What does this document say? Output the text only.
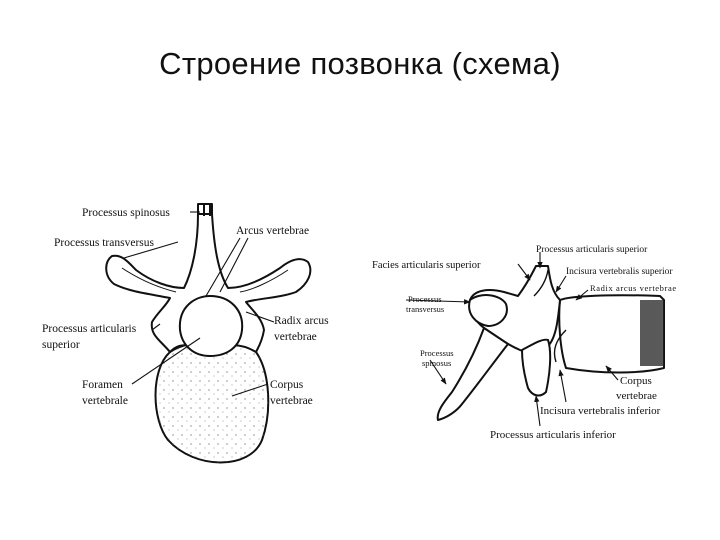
Строение позвонка (схема)
Processus spinosus
Processus transversus
Arcus vertebrae
Processus articularis
superior
Radix arcus
vertebrae
Foramen
vertebrale
Corpus
vertebrae
Processus articularis superior
Facies articularis superior
Incisura vertebralis superior
Radix arcus vertebrae
Processus
transversus
Processus
spinosus
Corpus
vertebrae
Incisura vertebralis inferior
Processus articularis inferior
